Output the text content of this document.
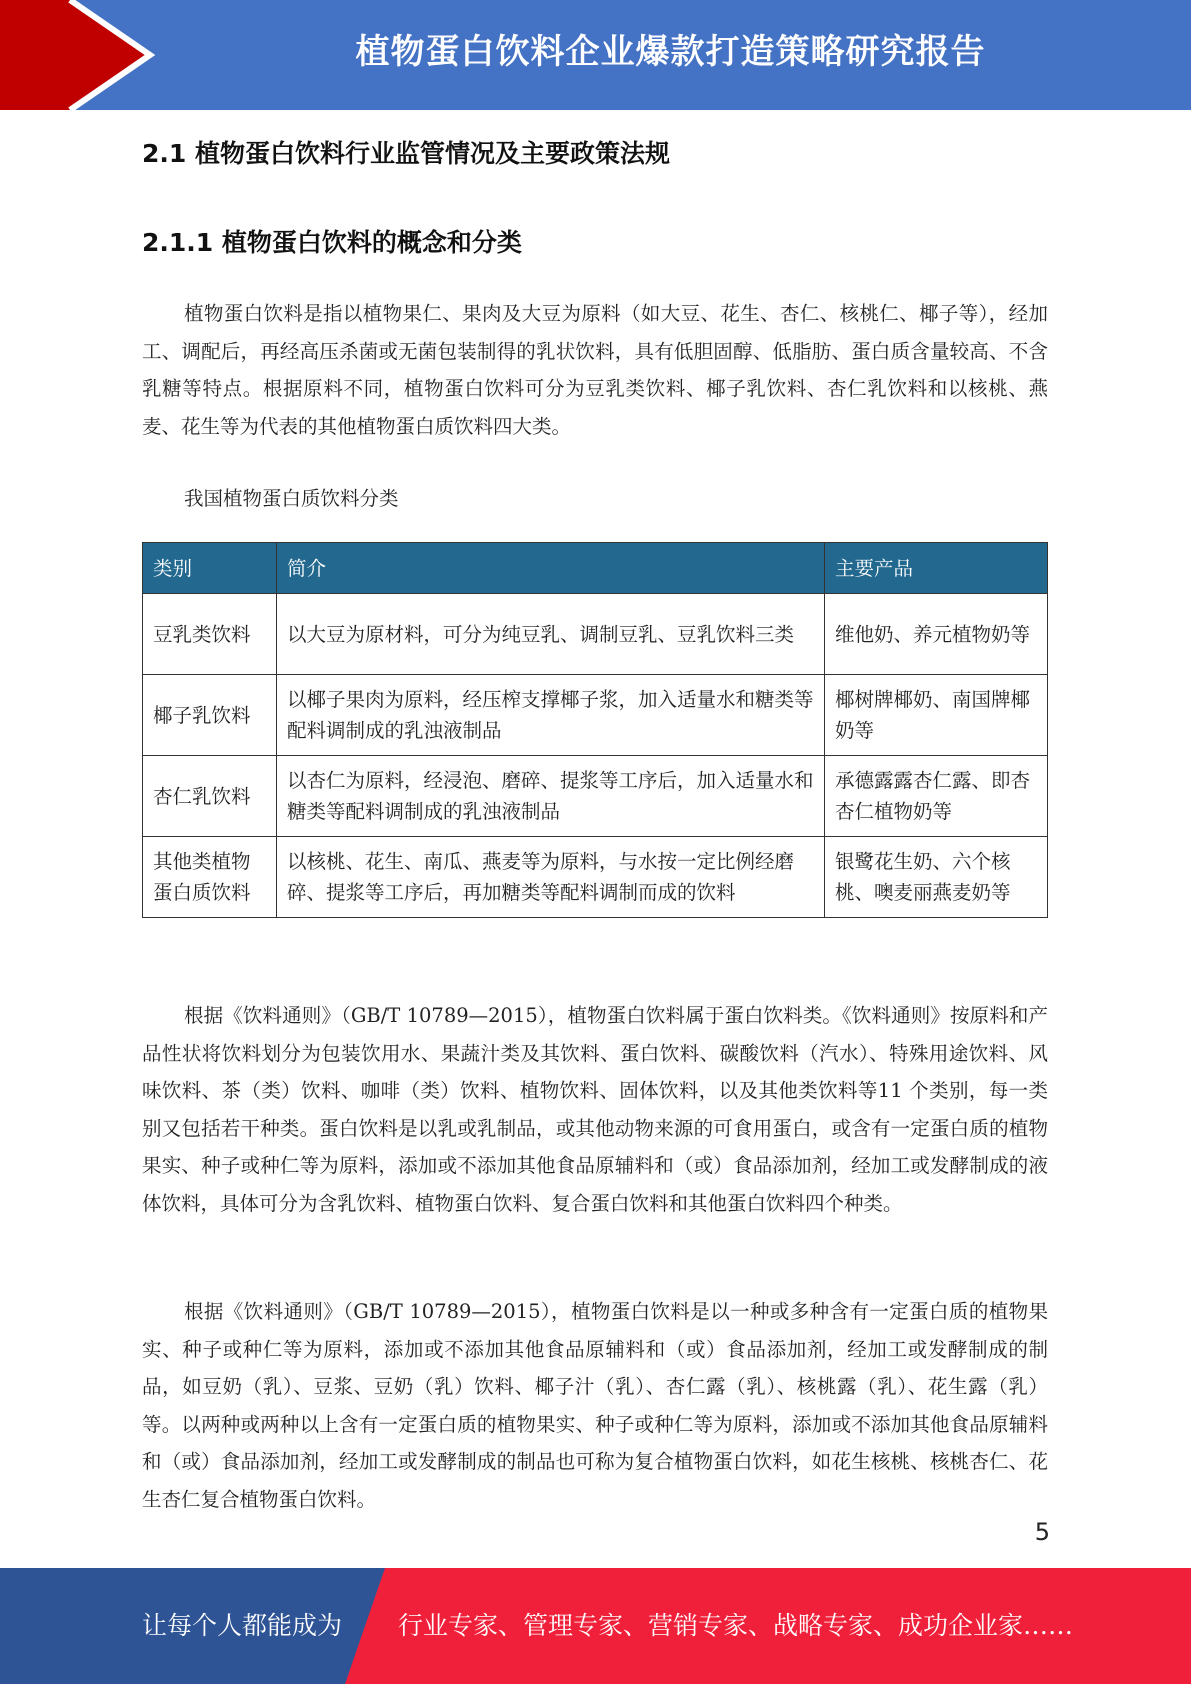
植物蛋白饮料企业爆款打造策略研究报告
2.1 植物蛋白饮料行业监管情况及主要政策法规
2.1.1 植物蛋白饮料的概念和分类
植物蛋白饮料是指以植物果仁、果肉及大豆为原料（如大豆、花生、杏仁、核桃仁、椰子等），经加工、调配后，再经高压杀菌或无菌包装制得的乳状饮料，具有低胆固醇、低脂肪、蛋白质含量较高、不含乳糖等特点。根据原料不同，植物蛋白饮料可分为豆乳类饮料、椰子乳饮料、杏仁乳饮料和以核桃、燕麦、花生等为代表的其他植物蛋白质饮料四大类。
我国植物蛋白质饮料分类
类别	简介	主要产品
豆乳类饮料	以大豆为原材料，可分为纯豆乳、调制豆乳、豆乳饮料三类	维他奶、养元植物奶等
椰子乳饮料	以椰子果肉为原料，经压榨支撑椰子浆，加入适量水和糖类等配料调制成的乳浊液制品	椰树牌椰奶、南国牌椰奶等
杏仁乳饮料	以杏仁为原料，经浸泡、磨碎、提浆等工序后，加入适量水和糖类等配料调制成的乳浊液制品	承德露露杏仁露、即杏杏仁植物奶等
其他类植物蛋白质饮料	以核桃、花生、南瓜、燕麦等为原料，与水按一定比例经磨碎、提浆等工序后，再加糖类等配料调制而成的饮料	银鹭花生奶、六个核桃、噢麦丽燕麦奶等
根据《饮料通则》（GB/T 10789—2015），植物蛋白饮料属于蛋白饮料类。《饮料通则》按原料和产品性状将饮料划分为包装饮用水、果蔬汁类及其饮料、蛋白饮料、碳酸饮料（汽水）、特殊用途饮料、风味饮料、茶（类）饮料、咖啡（类）饮料、植物饮料、固体饮料，以及其他类饮料等11 个类别，每一类别又包括若干种类。蛋白饮料是以乳或乳制品，或其他动物来源的可食用蛋白，或含有一定蛋白质的植物果实、种子或种仁等为原料，添加或不添加其他食品原辅料和（或）食品添加剂，经加工或发酵制成的液体饮料，具体可分为含乳饮料、植物蛋白饮料、复合蛋白饮料和其他蛋白饮料四个种类。
根据《饮料通则》（GB/T 10789—2015），植物蛋白饮料是以一种或多种含有一定蛋白质的植物果实、种子或种仁等为原料，添加或不添加其他食品原辅料和（或）食品添加剂，经加工或发酵制成的制品，如豆奶（乳）、豆浆、豆奶（乳）饮料、椰子汁（乳）、杏仁露（乳）、核桃露（乳）、花生露（乳）等。以两种或两种以上含有一定蛋白质的植物果实、种子或种仁等为原料，添加或不添加其他食品原辅料和（或）食品添加剂，经加工或发酵制成的制品也可称为复合植物蛋白饮料，如花生核桃、核桃杏仁、花生杏仁复合植物蛋白饮料。
5
让每个人都能成为 行业专家、管理专家、营销专家、战略专家、成功企业家……
